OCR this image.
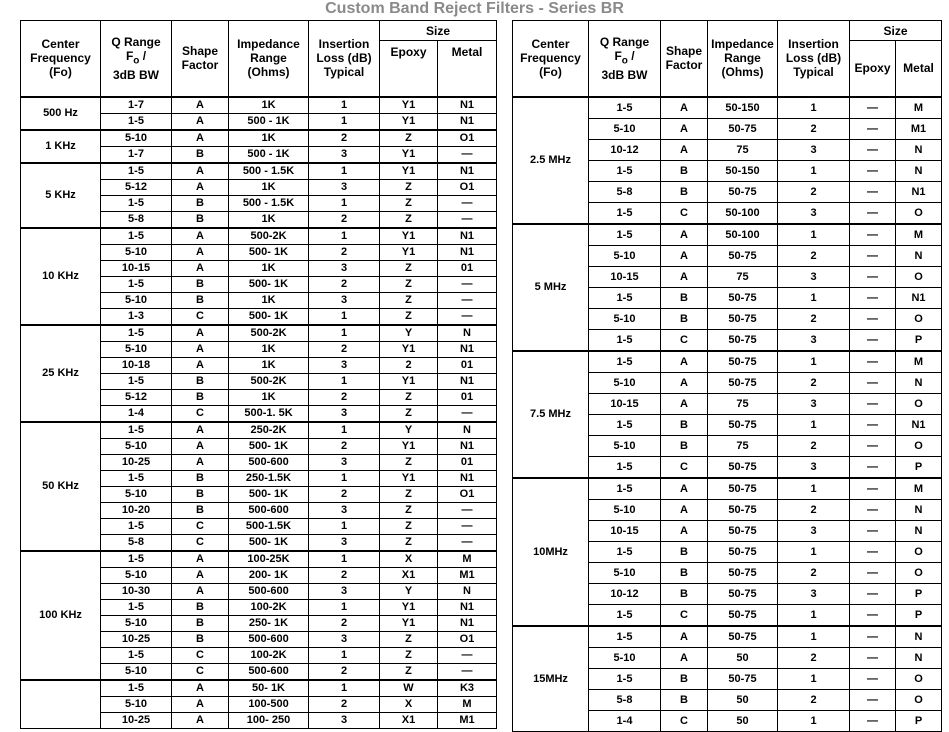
Custom Band Reject Filters - Series BR
Center Frequency (Fo)	Q Range
$F_o$ /
3dB BW	Shape Factor	Impedance Range (Ohms)	Insertion Loss (dB) Typical	Size	
					Epoxy	Metal
500 Hz	1-7	A	1K	1	Y1	N1
	1-5	A	500 - 1K	1	Y1	N1
1 KHz	5-10	A	1K	2	Z	O1
	1-7	B	500 - 1K	3	Y1	—
5 KHz	1-5	A	500 - 1.5K	1	Y1	N1
	5-12	A	1K	3	Z	O1
	1-5	B	500 - 1.5K	1	Z	—
	5-8	B	1K	2	Z	—
10 KHz	1-5	A	500-2K	1	Y1	N1
	5-10	A	500- 1K	2	Y1	N1
	10-15	A	1K	3	Z	01
	1-5	B	500- 1K	2	Z	—
	5-10	B	1K	3	Z	—
	1-3	C	500- 1K	1	Z	—
25 KHz	1-5	A	500-2K	1	Y	N
	5-10	A	1K	2	Y1	N1
	10-18	A	1K	3	2	01
	1-5	B	500-2K	1	Y1	N1
	5-12	B	1K	2	Z	01
	1-4	C	500-1. 5K	3	Z	—
50 KHz	1-5	A	250-2K	1	Y	N
	5-10	A	500- 1K	2	Y1	N1
	10-25	A	500-600	3	Z	01
	1-5	B	250-1.5K	1	Y1	N1
	5-10	B	500- 1K	2	Z	O1
	10-20	B	500-600	3	Z	—
	1-5	C	500-1.5K	1	Z	—
	5-8	C	500- 1K	3	Z	—
100 KHz	1-5	A	100-25K	1	X	M
	5-10	A	200- 1K	2	X1	M1
	10-30	A	500-600	3	Y	N
	1-5	B	100-2K	1	Y1	N1
	5-10	B	250- 1K	2	Y1	N1
	10-25	B	500-600	3	Z	O1
	1-5	C	100-2K	1	Z	—
	5-10	C	500-600	2	Z	—
	1-5	A	50- 1K	1	W	K3
	5-10	A	100-500	2	X	M
	10-25	A	100- 250	3	X1	M1
Center Frequency (Fo)	Q Range
$F_o$ /
3dB BW	Shape Factor	Impedance Range (Ohms)	Insertion Loss (dB) Typical	Size	
					Epoxy	Metal
2.5 MHz	1-5	A	50-150	1	—	M
	5-10	A	50-75	2	—	M1
	10-12	A	75	3	—	N
	1-5	B	50-150	1	—	N
	5-8	B	50-75	2	—	N1
	1-5	C	50-100	3	—	O
5 MHz	1-5	A	50-100	1	—	M
	5-10	A	50-75	2	—	N
	10-15	A	75	3	—	O
	1-5	B	50-75	1	—	N1
	5-10	B	50-75	2	—	O
	1-5	C	50-75	3	—	P
7.5 MHz	1-5	A	50-75	1	—	M
	5-10	A	50-75	2	—	N
	10-15	A	75	3	—	O
	1-5	B	50-75	1	—	N1
	5-10	B	75	2	—	O
	1-5	C	50-75	3	—	P
10MHz	1-5	A	50-75	1	—	M
	5-10	A	50-75	2	—	N
	10-15	A	50-75	3	—	N
	1-5	B	50-75	1	—	O
	5-10	B	50-75	2	—	O
	10-12	B	50-75	3	—	P
	1-5	C	50-75	1	—	P
15MHz	1-5	A	50-75	1	—	N
	5-10	A	50	2	—	N
	1-5	B	50-75	1	—	O
	5-8	B	50	2	—	O
	1-4	C	50	1	—	P
